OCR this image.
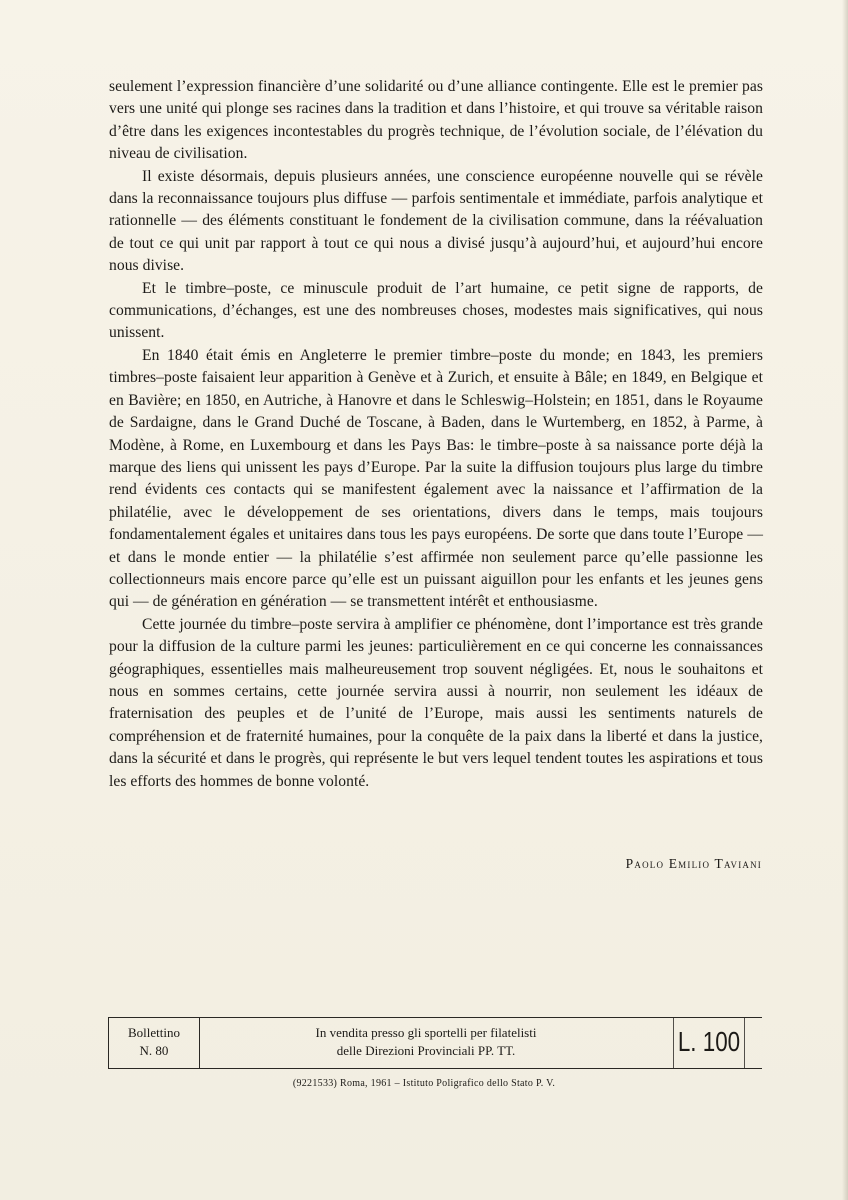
seulement l’expression financière d’une solidarité ou d’une alliance contingente. Elle est le premier pas vers une unité qui plonge ses racines dans la tradition et dans l’histoire, et qui trouve sa véritable raison d’être dans les exigences incontestables du progrès technique, de l’évolution sociale, de l’élévation du niveau de civilisation.

Il existe désormais, depuis plusieurs années, une conscience européenne nouvelle qui se révèle dans la reconnaissance toujours plus diffuse — parfois sentimentale et immédiate, parfois analytique et rationnelle — des éléments constituant le fondement de la civilisation commune, dans la réévaluation de tout ce qui unit par rapport à tout ce qui nous a divisé jusqu’à aujourd’hui, et aujourd’hui encore nous divise.

Et le timbre–poste, ce minuscule produit de l’art humaine, ce petit signe de rapports, de communications, d’échanges, est une des nombreuses choses, modestes mais significatives, qui nous unissent.

En 1840 était émis en Angleterre le premier timbre–poste du monde; en 1843, les premiers timbres–poste faisaient leur apparition à Genève et à Zurich, et ensuite à Bâle; en 1849, en Belgique et en Bavière; en 1850, en Autriche, à Hanovre et dans le Schleswig–Holstein; en 1851, dans le Royaume de Sardaigne, dans le Grand Duché de Toscane, à Baden, dans le Wurtemberg, en 1852, à Parme, à Modène, à Rome, en Luxembourg et dans les Pays Bas: le timbre–poste à sa naissance porte déjà la marque des liens qui unissent les pays d’Europe. Par la suite la diffusion toujours plus large du timbre rend évidents ces contacts qui se manifestent également avec la naissance et l’affirmation de la philatélie, avec le développement de ses orientations, divers dans le temps, mais toujours fondamentalement égales et unitaires dans tous les pays européens. De sorte que dans toute l’Europe — et dans le monde entier — la philatélie s’est affirmée non seulement parce qu’elle passionne les collectionneurs mais encore parce qu’elle est un puissant aiguillon pour les enfants et les jeunes gens qui — de génération en génération — se transmettent intérêt et enthousiasme.

Cette journée du timbre–poste servira à amplifier ce phénomène, dont l’importance est très grande pour la diffusion de la culture parmi les jeunes: particulièrement en ce qui concerne les connaissances géographiques, essentielles mais malheureusement trop souvent négligées. Et, nous le souhaitons et nous en sommes certains, cette journée servira aussi à nourrir, non seulement les idéaux de fraternisation des peuples et de l’unité de l’Europe, mais aussi les sentiments naturels de compréhension et de fraternité humaines, pour la conquête de la paix dans la liberté et dans la justice, dans la sécurité et dans le progrès, qui représente le but vers lequel tendent toutes les aspirations et tous les efforts des hommes de bonne volonté.

Paolo Emilio Taviani
Bollettino
N. 80
In vendita presso gli sportelli per filatelisti
delle Direzioni Provinciali PP. TT.	L. 100
(9221533) Roma, 1961 – Istituto Poligrafico dello Stato P. V.
